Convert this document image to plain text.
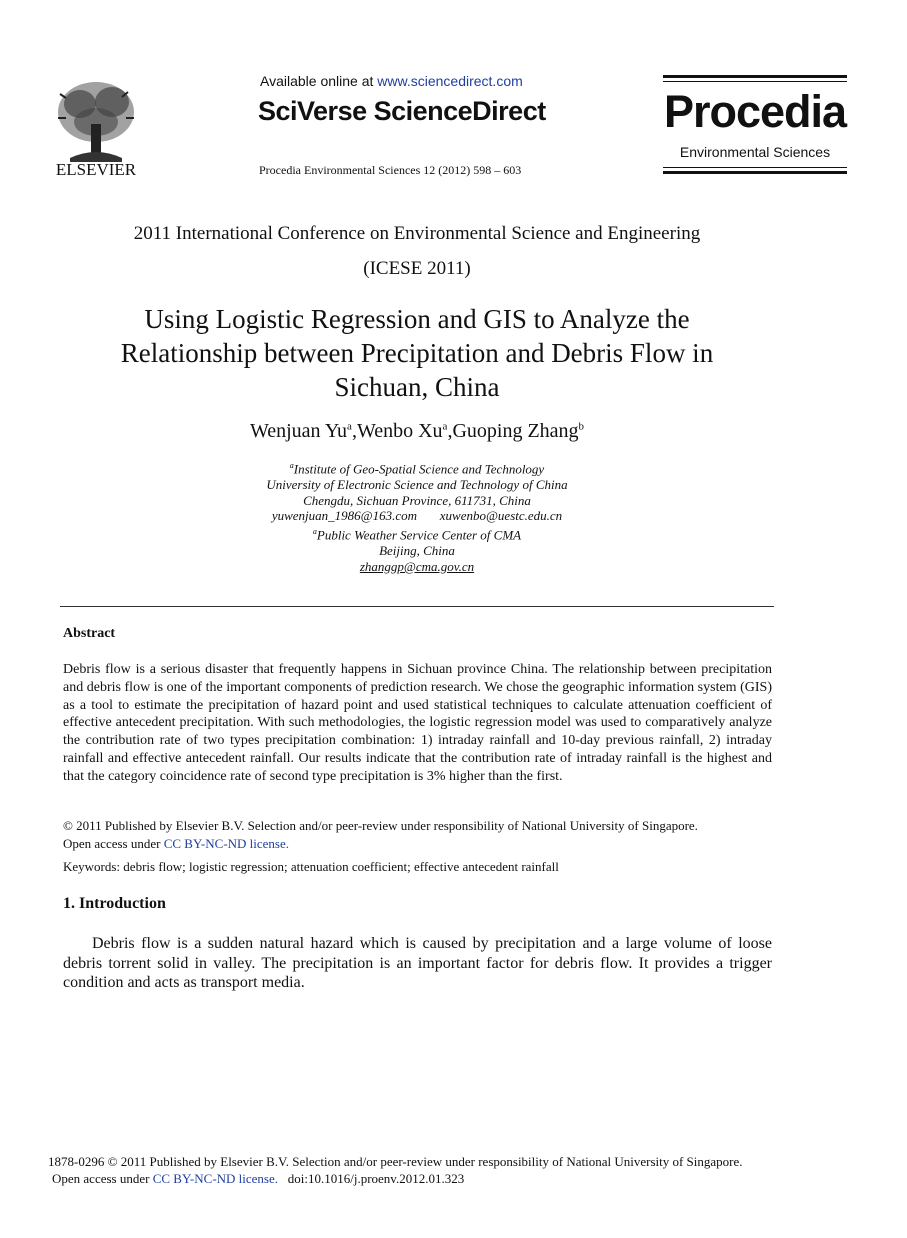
ELSEVIER
Available online at www.sciencedirect.com
SciVerse ScienceDirect
Procedia Environmental Sciences 12 (2012) 598 – 603
Procedia
Environmental Sciences
2011 International Conference on Environmental Science and Engineering
(ICESE 2011)
Using Logistic Regression and GIS to Analyze the
Relationship between Precipitation and Debris Flow in
Sichuan, China
Wenjuan Yu$^a$,Wenbo Xu$^a$,Guoping Zhang$^b$
$^a$Institute of Geo-Spatial Science and Technology
University of Electronic Science and Technology of China
Chengdu, Sichuan Province, 611731, China
yuwenjuan_1986@163.com xuwenbo@uestc.edu.cn
$^a$Public Weather Service Center of CMA
Beijing, China
zhanggp@cma.gov.cn
Abstract
Debris flow is a serious disaster that frequently happens in Sichuan province China. The relationship between precipitation and debris flow is one of the important components of prediction research. We chose the geographic information system (GIS) as a tool to estimate the precipitation of hazard point and used statistical techniques to calculate attenuation coefficient of effective antecedent precipitation. With such methodologies, the logistic regression model was used to comparatively analyze the contribution rate of two types precipitation combination: 1) intraday rainfall and 10-day previous rainfall, 2) intraday rainfall and effective antecedent rainfall. Our results indicate that the contribution rate of intraday rainfall is the highest and that the category coincidence rate of second type precipitation is 3% higher than the first.
© 2011 Published by Elsevier B.V. Selection and/or peer-review under responsibility of National University of Singapore.
Open access under CC BY-NC-ND license.
Keywords: debris flow; logistic regression; attenuation coefficient; effective antecedent rainfall
1. Introduction
Debris flow is a sudden natural hazard which is caused by precipitation and a large volume of loose debris torrent solid in valley. The precipitation is an important factor for debris flow. It provides a trigger condition and acts as transport media.
1878-0296 © 2011 Published by Elsevier B.V. Selection and/or peer-review under responsibility of National University of Singapore.
Open access under CC BY-NC-ND license. doi:10.1016/j.proenv.2012.01.323
